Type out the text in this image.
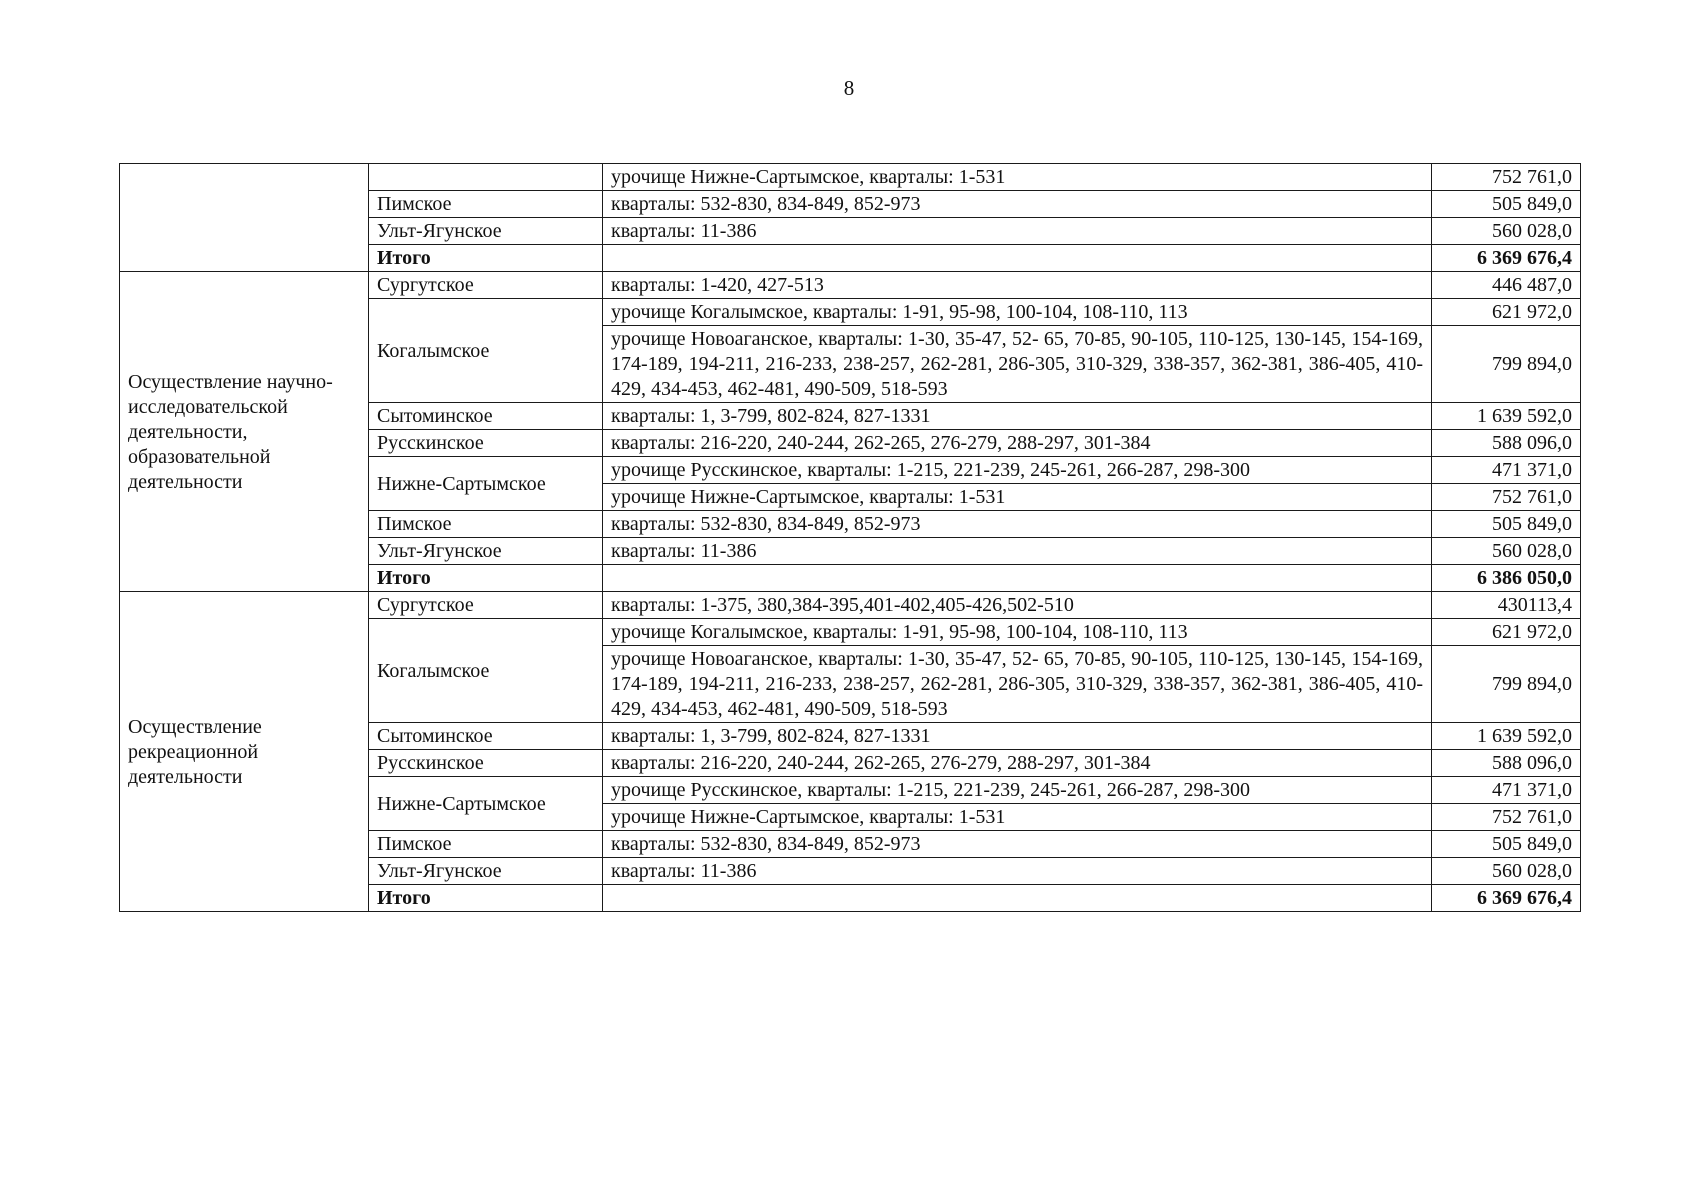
8
		урочище Нижне-Сартымское, кварталы: 1-531	752 761,0
	Пимское	кварталы: 532-830, 834-849, 852-973	505 849,0
	Ульт-Ягунское	кварталы: 11-386	560 028,0
	Итого		6 369 676,4
Осуществление научно-исследовательской деятельности, образовательной деятельности	Сургутское	кварталы: 1-420, 427-513	446 487,0
	Когалымское	урочище Когалымское, кварталы: 1-91, 95-98, 100-104, 108-110, 113	621 972,0
		урочище Новоаганское, кварталы: 1-30, 35-47, 52- 65, 70-85, 90-105, 110-125, 130-145, 154-169, 174-189, 194-211, 216-233, 238-257, 262-281, 286-305, 310-329, 338-357, 362-381, 386-405, 410-429, 434-453, 462-481, 490-509, 518-593	799 894,0
	Сытоминское	кварталы: 1, 3-799, 802-824, 827-1331	1 639 592,0
	Русскинское	кварталы: 216-220, 240-244, 262-265, 276-279, 288-297, 301-384	588 096,0
	Нижне-Сартымское	урочище Русскинское, кварталы: 1-215, 221-239, 245-261, 266-287, 298-300	471 371,0
		урочище Нижне-Сартымское, кварталы: 1-531	752 761,0
	Пимское	кварталы: 532-830, 834-849, 852-973	505 849,0
	Ульт-Ягунское	кварталы: 11-386	560 028,0
	Итого		6 386 050,0
Осуществление рекреационной деятельности	Сургутское	кварталы: 1-375, 380,384-395,401-402,405-426,502-510	430113,4
	Когалымское	урочище Когалымское, кварталы: 1-91, 95-98, 100-104, 108-110, 113	621 972,0
		урочище Новоаганское, кварталы: 1-30, 35-47, 52- 65, 70-85, 90-105, 110-125, 130-145, 154-169, 174-189, 194-211, 216-233, 238-257, 262-281, 286-305, 310-329, 338-357, 362-381, 386-405, 410-429, 434-453, 462-481, 490-509, 518-593	799 894,0
	Сытоминское	кварталы: 1, 3-799, 802-824, 827-1331	1 639 592,0
	Русскинское	кварталы: 216-220, 240-244, 262-265, 276-279, 288-297, 301-384	588 096,0
	Нижне-Сартымское	урочище Русскинское, кварталы: 1-215, 221-239, 245-261, 266-287, 298-300	471 371,0
		урочище Нижне-Сартымское, кварталы: 1-531	752 761,0
	Пимское	кварталы: 532-830, 834-849, 852-973	505 849,0
	Ульт-Ягунское	кварталы: 11-386	560 028,0
	Итого		6 369 676,4
